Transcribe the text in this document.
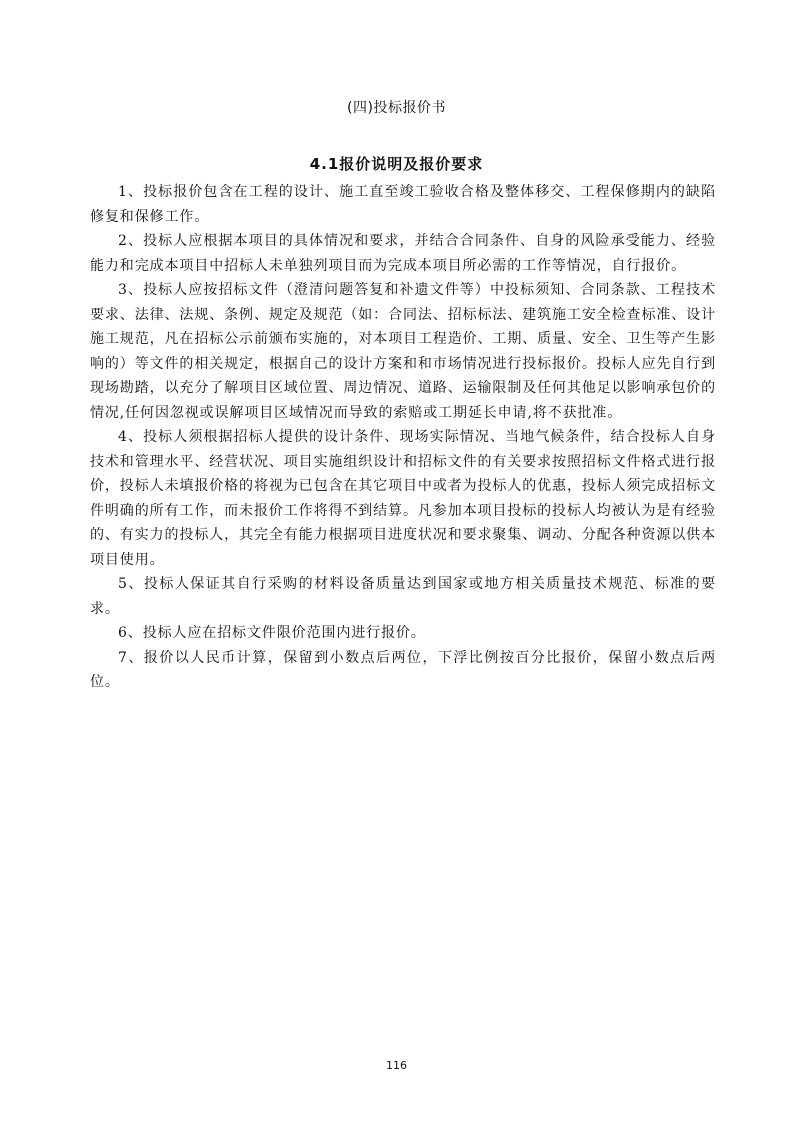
(四)投标报价书
4.1报价说明及报价要求

1、投标报价包含在工程的设计、施工直至竣工验收合格及整体移交、工程保修期内的缺陷修复和保修工作。

2、投标人应根据本项目的具体情况和要求，并结合合同条件、自身的风险承受能力、经验能力和完成本项目中招标人未单独列项目而为完成本项目所必需的工作等情况，自行报价。

3、投标人应按招标文件（澄清问题答复和补遗文件等）中投标须知、合同条款、工程技术要求、法律、法规、条例、规定及规范（如：合同法、招标标法、建筑施工安全检查标准、设计施工规范，凡在招标公示前颁布实施的，对本项目工程造价、工期、质量、安全、卫生等产生影响的）等文件的相关规定，根据自己的设计方案和和市场情况进行投标报价。投标人应先自行到现场勘踏，以充分了解项目区域位置、周边情况、道路、运输限制及任何其他足以影响承包价的情况,任何因忽视或误解项目区域情况而导致的索赔或工期延长申请,将不获批准。

4、投标人须根据招标人提供的设计条件、现场实际情况、当地气候条件，结合投标人自身技术和管理水平、经营状况、项目实施组织设计和招标文件的有关要求按照招标文件格式进行报价，投标人未填报价格的将视为已包含在其它项目中或者为投标人的优惠，投标人须完成招标文件明确的所有工作，而未报价工作将得不到结算。凡参加本项目投标的投标人均被认为是有经验的、有实力的投标人，其完全有能力根据项目进度状况和要求聚集、调动、分配各种资源以供本项目使用。

5、投标人保证其自行采购的材料设备质量达到国家或地方相关质量技术规范、标准的要求。

6、投标人应在招标文件限价范围内进行报价。

7、报价以人民币计算，保留到小数点后两位，下浮比例按百分比报价，保留小数点后两位。

116
